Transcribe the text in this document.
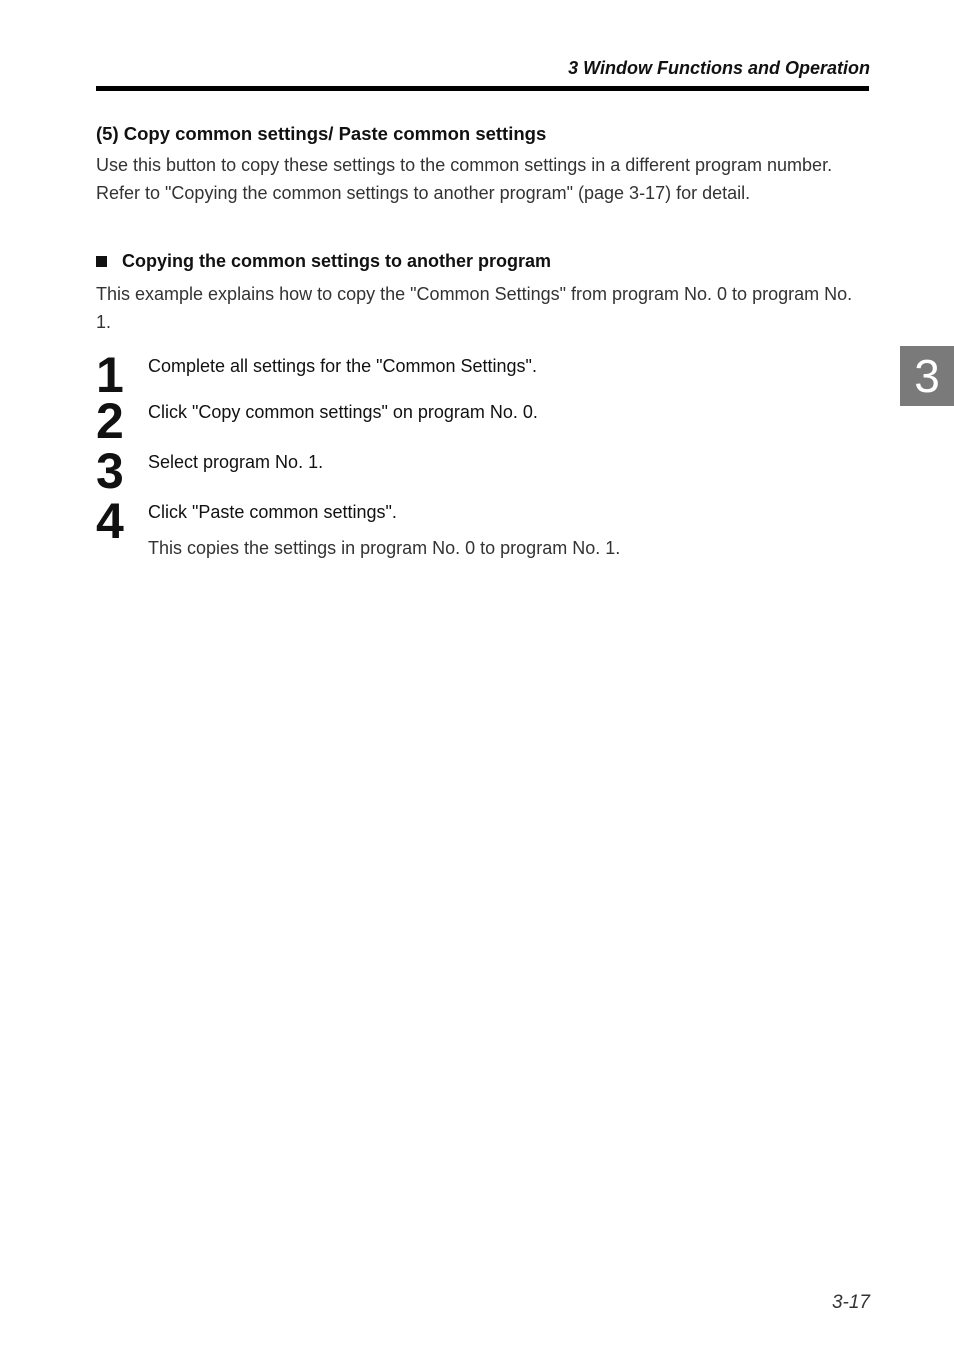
3 Window Functions and Operation
(5) Copy common settings/ Paste common settings
Use this button to copy these settings to the common settings in a different program number. Refer to "Copying the common settings to another program" (page 3-17) for detail.
Copying the common settings to another program
This example explains how to copy the "Common Settings" from program No. 0 to program No. 1.
1 Complete all settings for the "Common Settings".
2 Click "Copy common settings" on program No. 0.
3 Select program No. 1.
4 Click "Paste common settings".
This copies the settings in program No. 0 to program No. 1.
3
3-17
